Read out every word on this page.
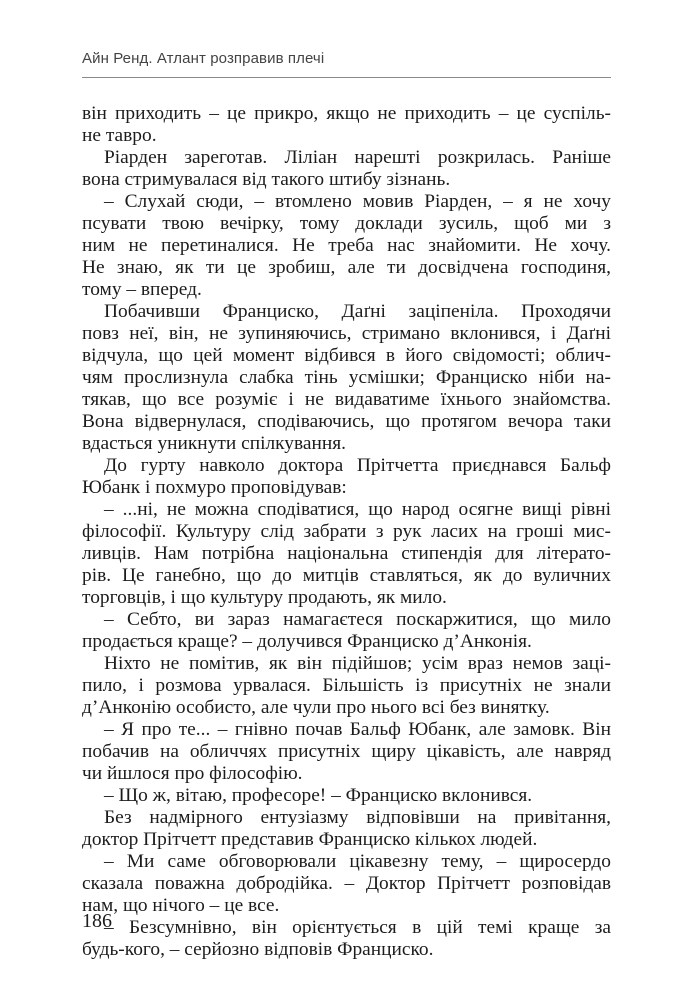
Айн Ренд. Атлант розправив плечі
він приходить – це прикро, якщо не приходить – це суспіль-
не тавро.
Ріарден зареготав. Ліліан нарешті розкрилась. Раніше
вона стримувалася від такого штибу зізнань.
– Слухай сюди, – втомлено мовив Ріарден, – я не хочу
псувати твою вечірку, тому доклади зусиль, щоб ми з
ним не перетиналися. Не треба нас знайомити. Не хочу.
Не знаю, як ти це зробиш, але ти досвідчена господиня,
тому – вперед.
Побачивши Франциско, Даґні заціпеніла. Проходячи
повз неї, він, не зупиняючись, стримано вклонився, і Даґні
відчула, що цей момент відбився в його свідомості; облич-
чям прослизнула слабка тінь усмішки; Франциско ніби на-
тякав, що все розуміє і не видаватиме їхнього знайомства.
Вона відвернулася, сподіваючись, що протягом вечора таки
вдасться уникнути спілкування.
До гурту навколо доктора Прітчетта приєднався Бальф
Юбанк і похмуро проповідував:
– ...ні, не можна сподіватися, що народ осягне вищі рівні
філософії. Культуру слід забрати з рук ласих на гроші мис-
ливців. Нам потрібна національна стипендія для літерато-
рів. Це ганебно, що до митців ставляться, як до вуличних
торговців, і що культуру продають, як мило.
– Себто, ви зараз намагаєтеся поскаржитися, що мило
продається краще? – долучився Франциско д’Анконія.
Ніхто не помітив, як він підійшов; усім враз немов заці-
пило, і розмова урвалася. Більшість із присутніх не знали
д’Анконію особисто, але чули про нього всі без винятку.
– Я про те... – гнівно почав Бальф Юбанк, але замовк. Він
побачив на обличчях присутніх щиру цікавість, але навряд
чи йшлося про філософію.
– Що ж, вітаю, професоре! – Франциско вклонився.
Без надмірного ентузіазму відповівши на привітання,
доктор Прітчетт представив Франциско кількох людей.
– Ми саме обговорювали цікавезну тему, – щиросердо
сказала поважна добродійка. – Доктор Прітчетт розповідав
нам, що нічого – це все.
– Безсумнівно, він орієнтується в цій темі краще за
будь-кого, – серйозно відповів Франциско.
186
